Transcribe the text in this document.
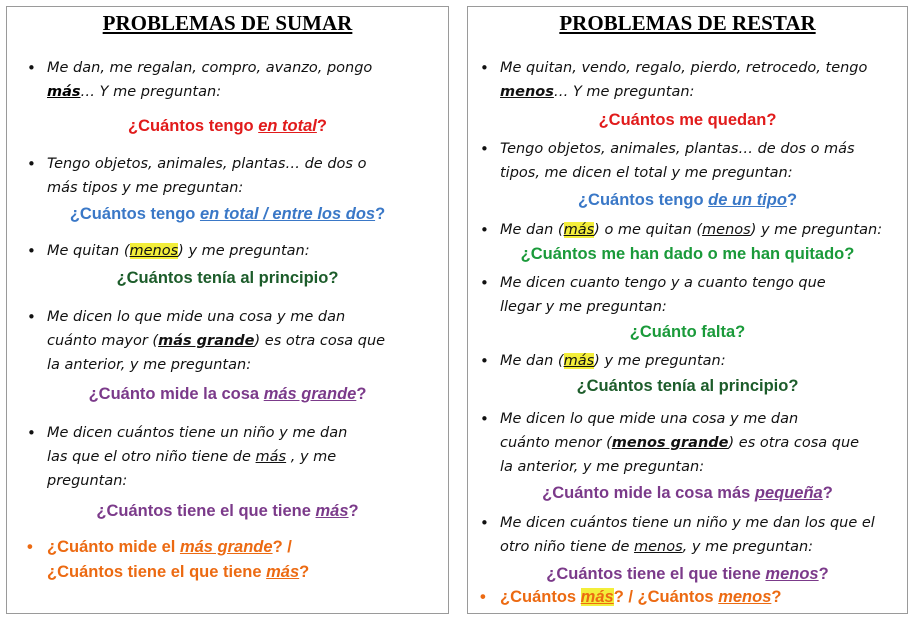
PROBLEMAS DE SUMAR
• Me dan, me regalan, compro, avanzo, pongo
más… Y me preguntan:
¿Cuántos tengo en total?
• Tengo objetos, animales, plantas… de dos o
más tipos y me preguntan:
¿Cuántos tengo en total / entre los dos?
• Me quitan (menos) y me preguntan:
¿Cuántos tenía al principio?
• Me dicen lo que mide una cosa y me dan
cuánto mayor (más grande) es otra cosa que
la anterior, y me preguntan:
¿Cuánto mide la cosa más grande?
• Me dicen cuántos tiene un niño y me dan
las que el otro niño tiene de más , y me
preguntan:
¿Cuántos tiene el que tiene más?
• ¿Cuánto mide el más grande? /
¿Cuántos tiene el que tiene más?
PROBLEMAS DE RESTAR
• Me quitan, vendo, regalo, pierdo, retrocedo, tengo
menos… Y me preguntan:
¿Cuántos me quedan?
• Tengo objetos, animales, plantas… de dos o más
tipos, me dicen el total y me preguntan:
¿Cuántos tengo de un tipo?
• Me dan (más) o me quitan (menos) y me preguntan:
¿Cuántos me han dado o me han quitado?
• Me dicen cuanto tengo y a cuanto tengo que
llegar y me preguntan:
¿Cuánto falta?
• Me dan (más) y me preguntan:
¿Cuántos tenía al principio?
• Me dicen lo que mide una cosa y me dan
cuánto menor (menos grande) es otra cosa que
la anterior, y me preguntan:
¿Cuánto mide la cosa más pequeña?
• Me dicen cuántos tiene un niño y me dan los que el
otro niño tiene de menos, y me preguntan:
¿Cuántos tiene el que tiene menos?
• ¿Cuántos más? / ¿Cuántos menos?
